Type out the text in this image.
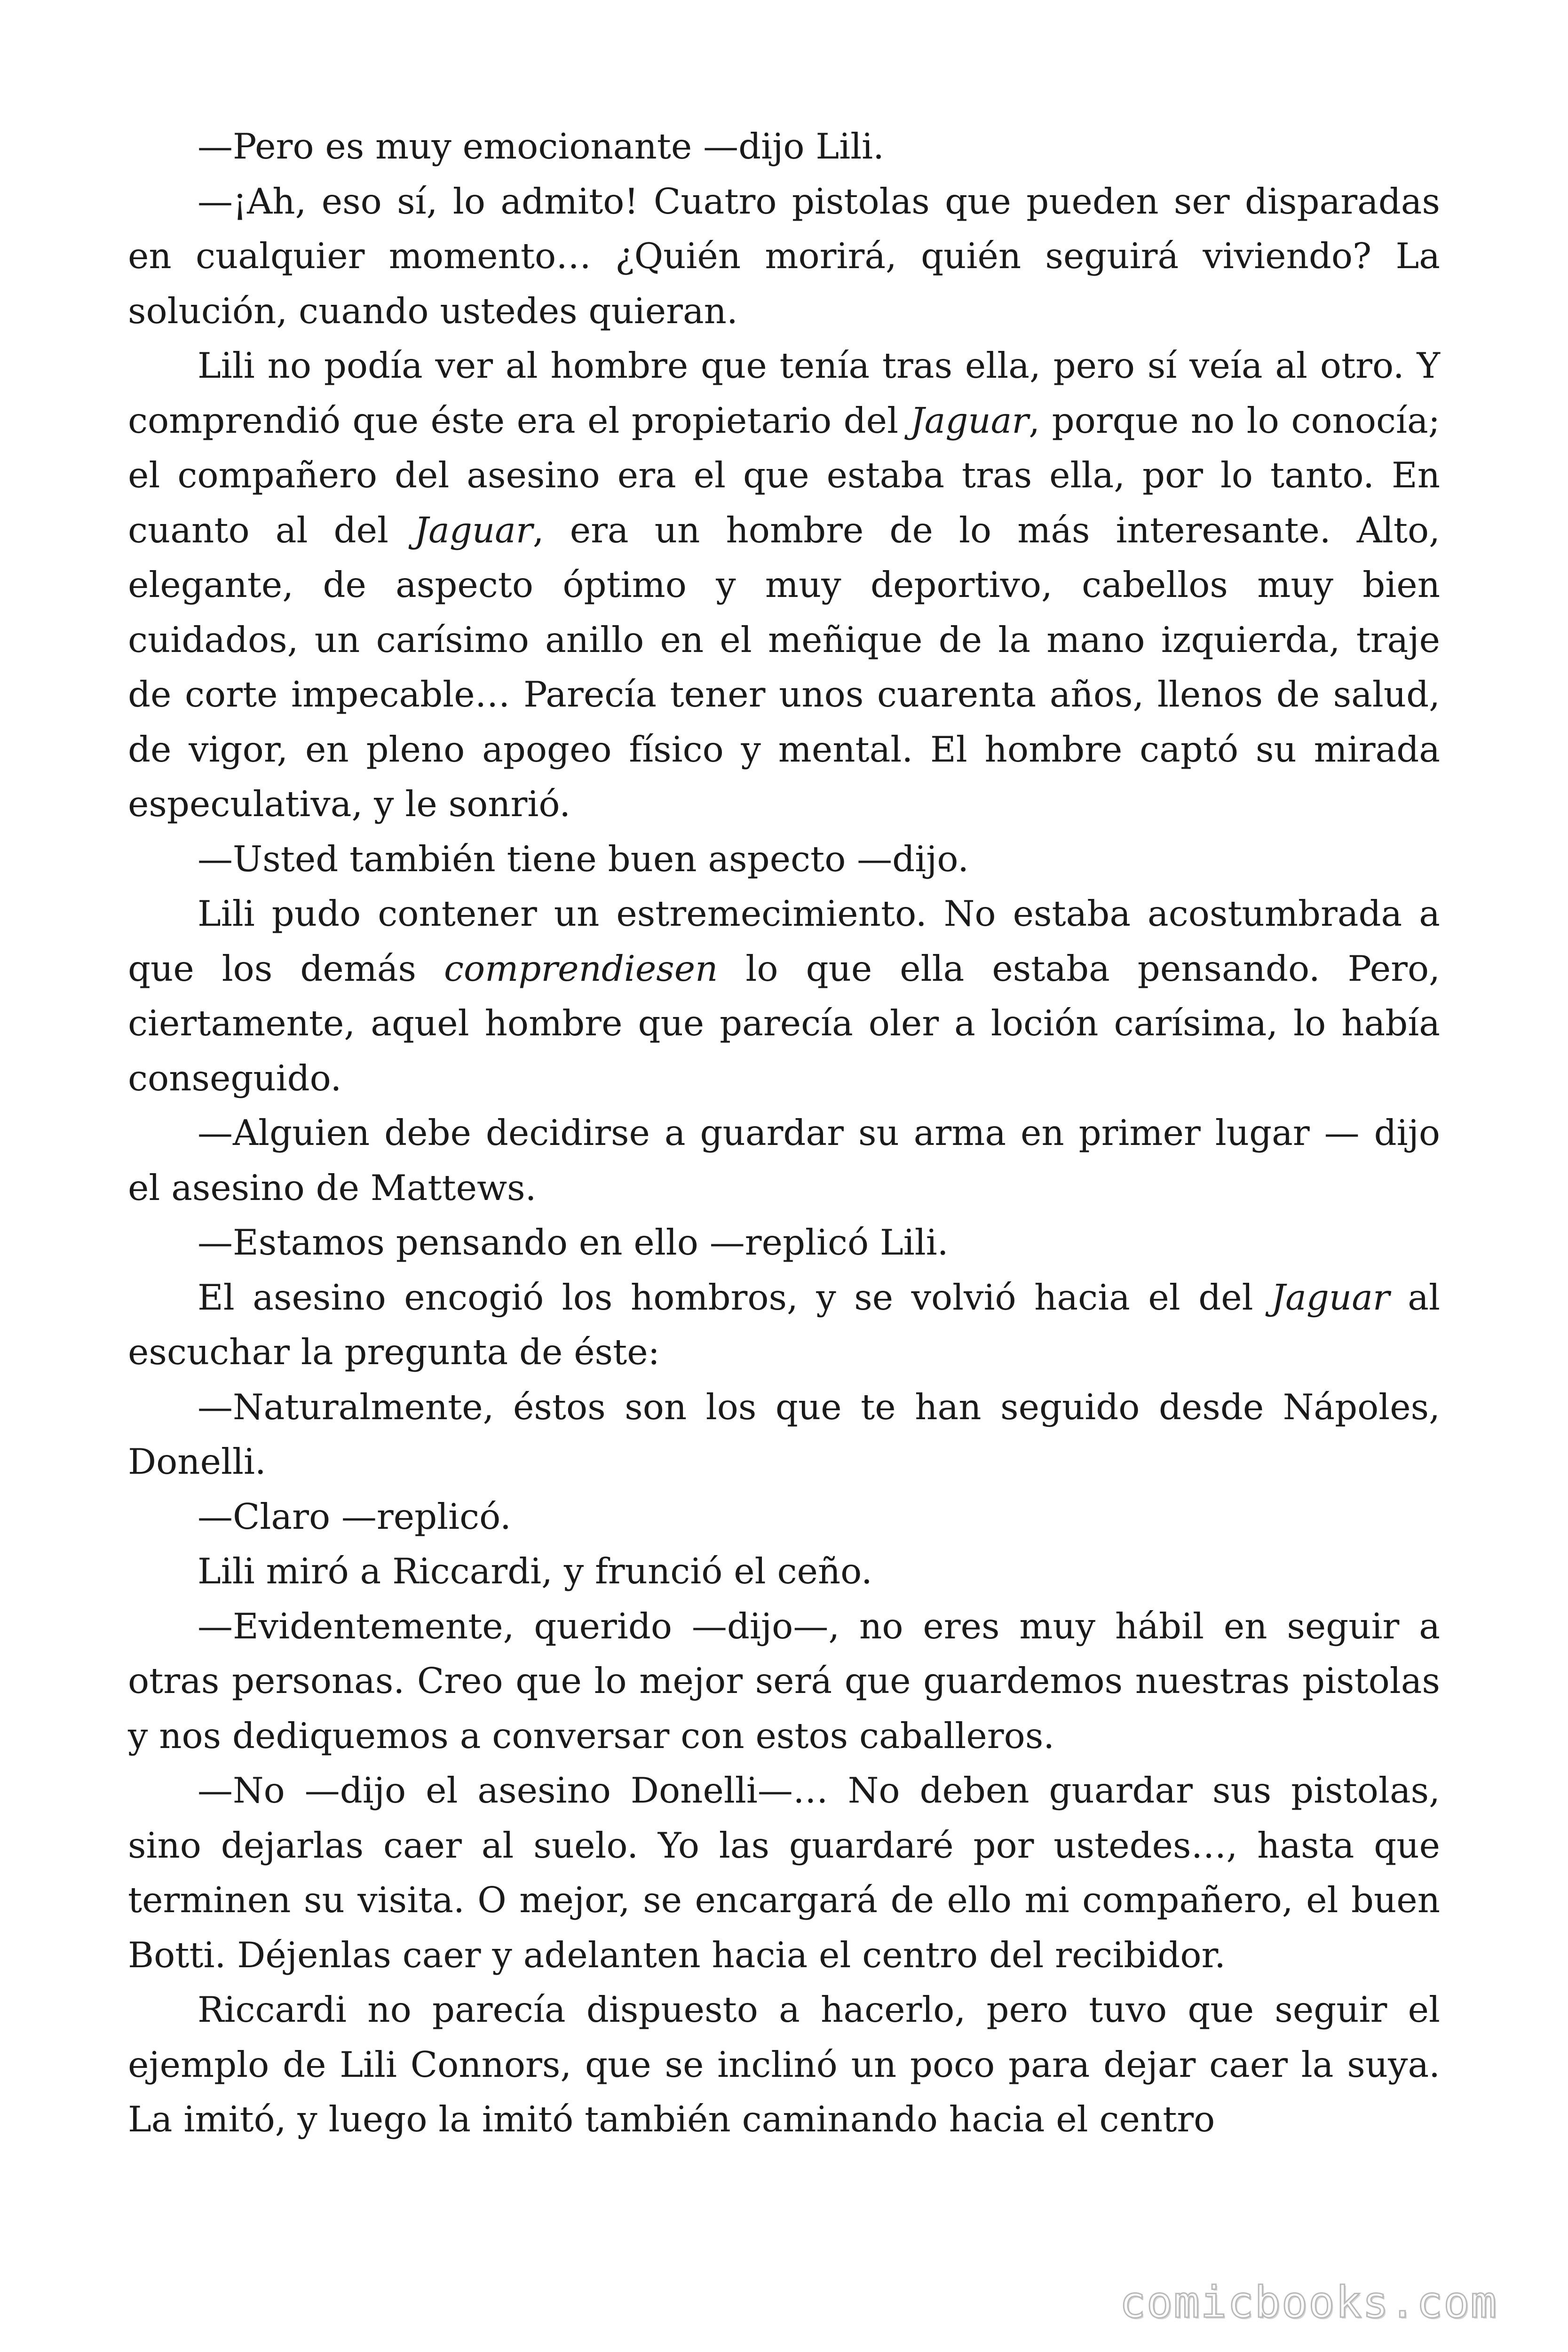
—Pero es muy emocionante —dijo Lili.

—¡Ah, eso sí, lo admito! Cuatro pistolas que pueden ser disparadas en cualquier momento… ¿Quién morirá, quién seguirá viviendo? La solución, cuando ustedes quieran.

Lili no podía ver al hombre que tenía tras ella, pero sí veía al otro. Y comprendió que éste era el propietario del Jaguar, porque no lo conocía; el compañero del asesino era el que estaba tras ella, por lo tanto. En cuanto al del Jaguar, era un hombre de lo más interesante. Alto, elegante, de aspecto óptimo y muy deportivo, cabellos muy bien cuidados, un carísimo anillo en el meñique de la mano izquierda, traje de corte impecable… Parecía tener unos cuarenta años, llenos de salud, de vigor, en pleno apogeo físico y mental. El hombre captó su mirada especulativa, y le sonrió.

—Usted también tiene buen aspecto —dijo.

Lili pudo contener un estremecimiento. No estaba acostumbrada a que los demás comprendiesen lo que ella estaba pensando. Pero, ciertamente, aquel hombre que parecía oler a loción carísima, lo había conseguido.

—Alguien debe decidirse a guardar su arma en primer lugar — dijo el asesino de Mattews.

—Estamos pensando en ello —replicó Lili.

El asesino encogió los hombros, y se volvió hacia el del Jaguar al escuchar la pregunta de éste:

—Naturalmente, éstos son los que te han seguido desde Nápoles, Donelli.

—Claro —replicó.

Lili miró a Riccardi, y frunció el ceño.

—Evidentemente, querido —dijo—, no eres muy hábil en seguir a otras personas. Creo que lo mejor será que guardemos nuestras pistolas y nos dediquemos a conversar con estos caballeros.

—No —dijo el asesino Donelli—… No deben guardar sus pistolas, sino dejarlas caer al suelo. Yo las guardaré por ustedes…, hasta que terminen su visita. O mejor, se encargará de ello mi compañero, el buen Botti. Déjenlas caer y adelanten hacia el centro del recibidor.

Riccardi no parecía dispuesto a hacerlo, pero tuvo que seguir el ejemplo de Lili Connors, que se inclinó un poco para dejar caer la suya. La imitó, y luego la imitó también caminando hacia el centro

comicbooks.com
